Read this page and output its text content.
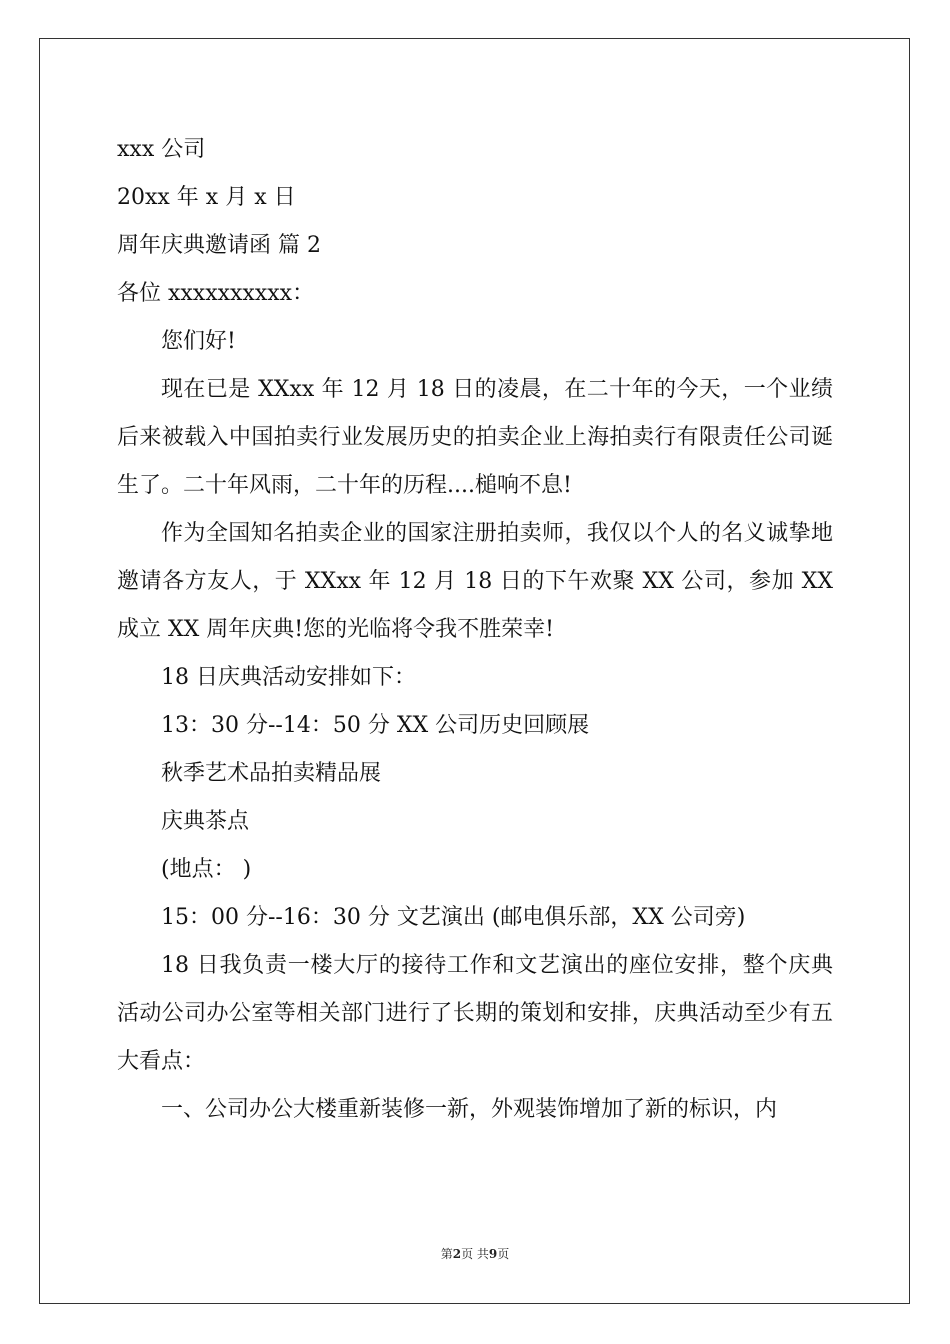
xxx 公司

20xx 年 x 月 x 日

周年庆典邀请函 篇 2

各位 xxxxxxxxxx：

您们好!

现在已是 XXxx 年 12 月 18 日的凌晨，在二十年的今天，一个业绩后来被载入中国拍卖行业发展历史的拍卖企业上海拍卖行有限责任公司诞生了。二十年风雨，二十年的历程....槌响不息!

作为全国知名拍卖企业的国家注册拍卖师，我仅以个人的名义诚挚地邀请各方友人，于 XXxx 年 12 月 18 日的下午欢聚 XX 公司，参加 XX 成立 XX 周年庆典!您的光临将令我不胜荣幸!

18 日庆典活动安排如下：

13：30 分--14：50 分 XX 公司历史回顾展

秋季艺术品拍卖精品展

庆典茶点

(地点： )

15：00 分--16：30 分 文艺演出 (邮电俱乐部，XX 公司旁)

18 日我负责一楼大厅的接待工作和文艺演出的座位安排，整个庆典活动公司办公室等相关部门进行了长期的策划和安排，庆典活动至少有五大看点：

一、公司办公大楼重新装修一新，外观装饰增加了新的标识，内

第2页 共9页
